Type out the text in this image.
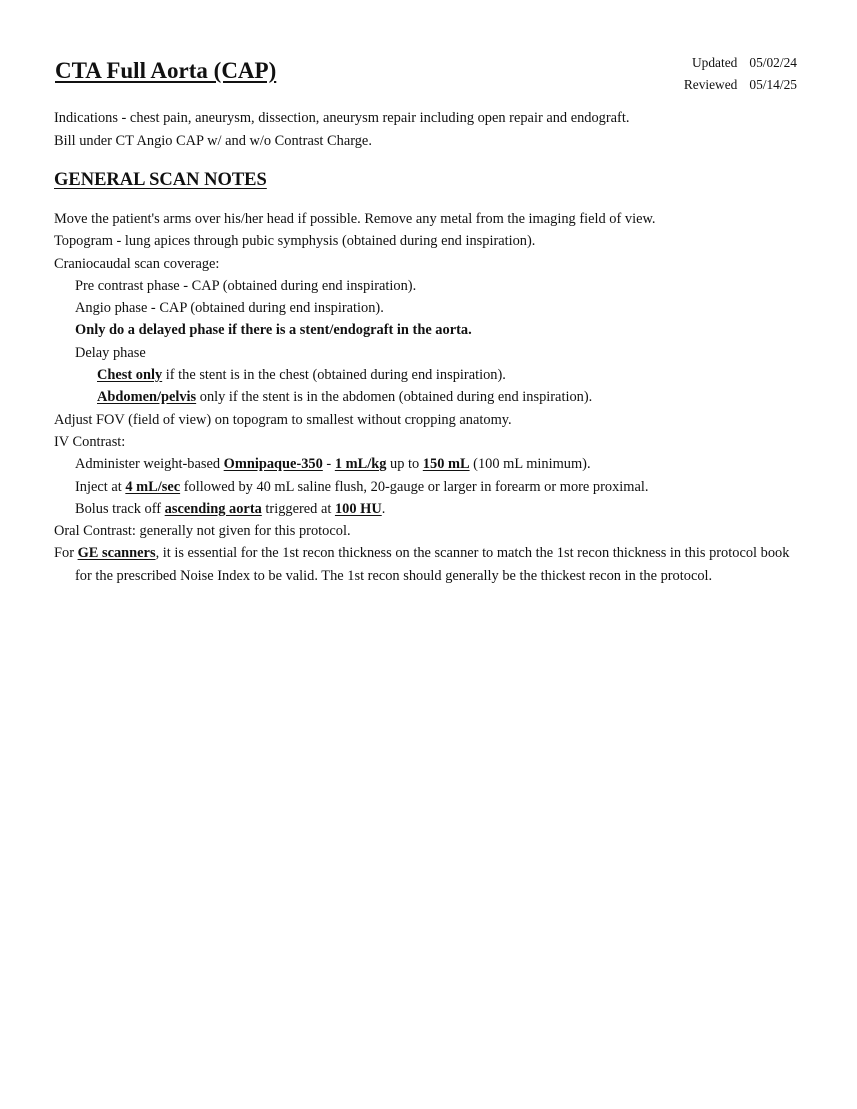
CTA Full Aorta (CAP)	Updated	05/02/24
Reviewed	05/14/25
Indications - chest pain, aneurysm, dissection, aneurysm repair including open repair and endograft.
Bill under CT Angio CAP w/ and w/o Contrast Charge.
GENERAL SCAN NOTES
Move the patient's arms over his/her head if possible. Remove any metal from the imaging field of view.
Topogram - lung apices through pubic symphysis (obtained during end inspiration).
Craniocaudal scan coverage:
Pre contrast phase - CAP (obtained during end inspiration).
Angio phase - CAP (obtained during end inspiration).
Only do a delayed phase if there is a stent/endograft in the aorta.
Delay phase
Chest only if the stent is in the chest (obtained during end inspiration).
Abdomen/pelvis only if the stent is in the abdomen (obtained during end inspiration).
Adjust FOV (field of view) on topogram to smallest without cropping anatomy.
IV Contrast:
Administer weight-based Omnipaque-350 - 1 mL/kg up to 150 mL (100 mL minimum).
Inject at 4 mL/sec followed by 40 mL saline flush, 20-gauge or larger in forearm or more proximal.
Bolus track off ascending aorta triggered at 100 HU.
Oral Contrast: generally not given for this protocol.
For GE scanners, it is essential for the 1st recon thickness on the scanner to match the 1st recon thickness in this protocol book for the prescribed Noise Index to be valid. The 1st recon should generally be the thickest recon in the protocol.
